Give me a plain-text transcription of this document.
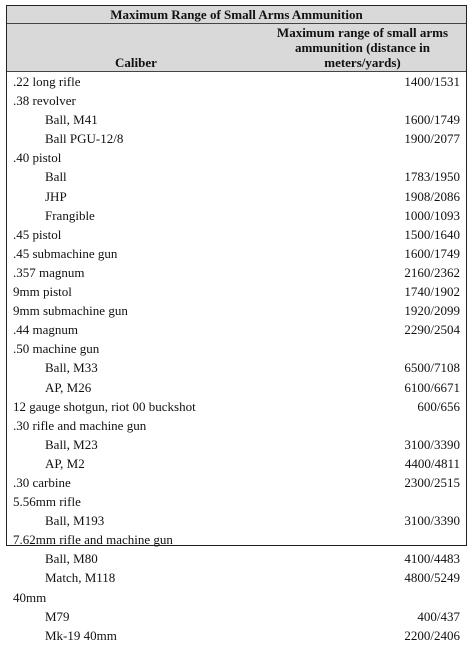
Maximum Range of Small Arms Ammunition
Caliber
Maximum range of small arms
ammunition (distance in
meters/yards)
.22 long rifle	1400/1531
.38 revolver
Ball, M41	1600/1749
Ball PGU-12/8	1900/2077
.40 pistol
Ball	1783/1950
JHP	1908/2086
Frangible	1000/1093
.45 pistol	1500/1640
.45 submachine gun	1600/1749
.357 magnum	2160/2362
9mm pistol	1740/1902
9mm submachine gun	1920/2099
.44 magnum	2290/2504
.50 machine gun
Ball, M33	6500/7108
AP, M26	6100/6671
12 gauge shotgun, riot 00 buckshot	600/656
.30 rifle and machine gun
Ball, M23	3100/3390
AP, M2	4400/4811
.30 carbine	2300/2515
5.56mm rifle
Ball, M193	3100/3390
7.62mm rifle and machine gun
Ball, M80	4100/4483
Match, M118	4800/5249
40mm
M79	400/437
Mk-19 40mm	2200/2406
